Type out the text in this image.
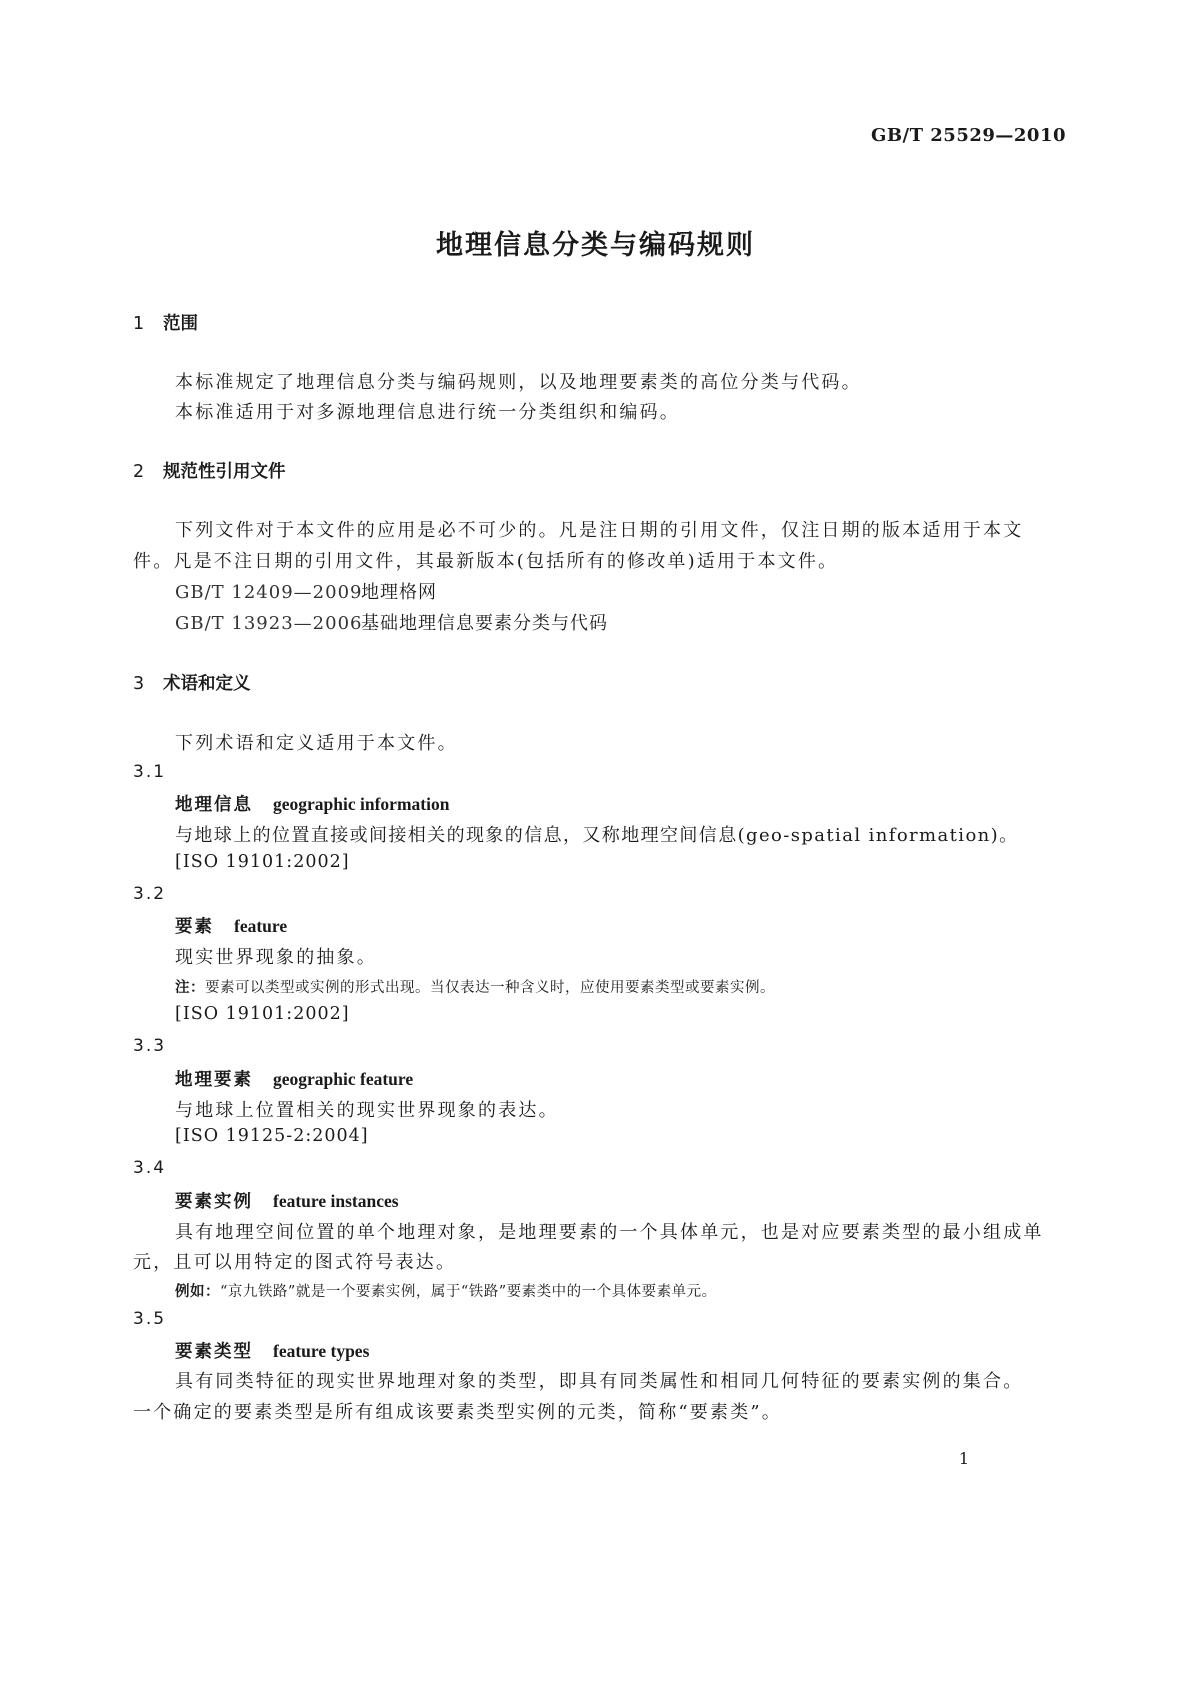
GB/T 25529—2010
地理信息分类与编码规则
1 范围
本标准规定了地理信息分类与编码规则，以及地理要素类的高位分类与代码。
本标准适用于对多源地理信息进行统一分类组织和编码。
2 规范性引用文件
下列文件对于本文件的应用是必不可少的。凡是注日期的引用文件，仅注日期的版本适用于本文
件。凡是不注日期的引用文件，其最新版本(包括所有的修改单)适用于本文件。
GB/T 12409—2009地理格网
GB/T 13923—2006基础地理信息要素分类与代码
3 术语和定义
下列术语和定义适用于本文件。
3.1
地理信息 geographic information
与地球上的位置直接或间接相关的现象的信息，又称地理空间信息(geo-spatial information)。
[ISO 19101:2002]
3.2
要素 feature
现实世界现象的抽象。
注：要素可以类型或实例的形式出现。当仅表达一种含义时，应使用要素类型或要素实例。
[ISO 19101:2002]
3.3
地理要素 geographic feature
与地球上位置相关的现实世界现象的表达。
[ISO 19125-2:2004]
3.4
要素实例 feature instances
具有地理空间位置的单个地理对象，是地理要素的一个具体单元，也是对应要素类型的最小组成单
元，且可以用特定的图式符号表达。
例如：“京九铁路”就是一个要素实例，属于“铁路”要素类中的一个具体要素单元。
3.5
要素类型 feature types
具有同类特征的现实世界地理对象的类型，即具有同类属性和相同几何特征的要素实例的集合。
一个确定的要素类型是所有组成该要素类型实例的元类，简称“要素类”。
1
